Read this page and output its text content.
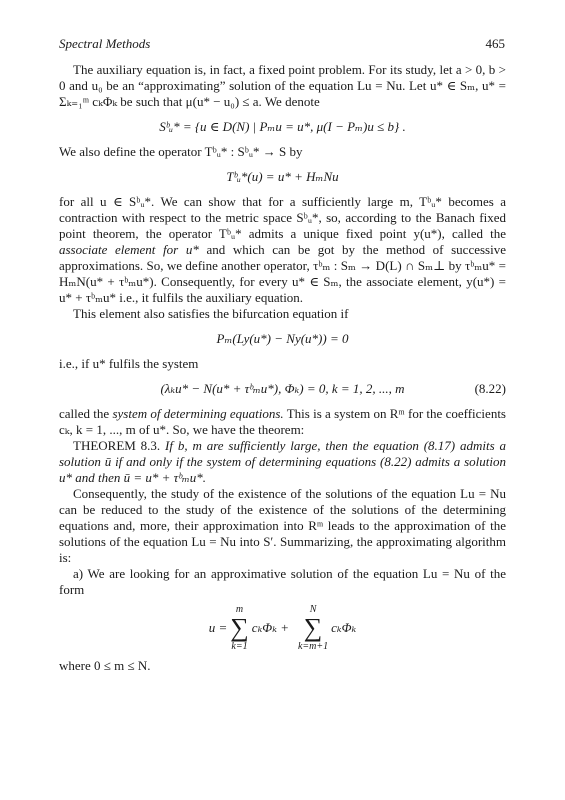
Spectral Methods	465

The auxiliary equation is, in fact, a fixed point problem. For its study, let a > 0, b > 0 and u₀ be an “approximating” solution of the equation Lu = Nu. Let u* ∈ Sₘ, u* = Σₖ₌₁ᵐ cₖΦₖ be such that μ(u* − u₀) ≤ a. We denote

Sᵇᵤ* = {u ∈ D(N) | Pₘu = u*, μ(I − Pₘ)u ≤ b} .

We also define the operator Tᵇᵤ* : Sᵇᵤ* → S by

Tᵇᵤ*(u) = u* + HₘNu

for all u ∈ Sᵇᵤ*. We can show that for a sufficiently large m, Tᵇᵤ* becomes a contraction with respect to the metric space Sᵇᵤ*, so, according to the Banach fixed point theorem, the operator Tᵇᵤ* admits a unique fixed point y(u*), called the associate element for u* and which can be got by the method of successive approximations. So, we define another operator, τᵇₘ : Sₘ → D(L) ∩ Sₘ⊥ by τᵇₘu* = HₘN(u* + τᵇₘu*). Consequently, for every u* ∈ Sₘ, the associate element, y(u*) = u* + τᵇₘu* i.e., it fulfils the auxiliary equation.

This element also satisfies the bifurcation equation if

Pₘ(Ly(u*) − Ny(u*)) = 0

i.e., if u* fulfils the system

(λₖu* − N(u* + τᵇₘu*), Φₖ) = 0, k = 1, 2, ..., m	(8.22)

called the system of determining equations. This is a system on Rᵐ for the coefficients cₖ, k = 1, ..., m of u*. So, we have the theorem:

THEOREM 8.3. If b, m are sufficiently large, then the equation (8.17) admits a solution ū if and only if the system of determining equations (8.22) admits a solution u* and then ū = u* + τᵇₘu*.

Consequently, the study of the existence of the solutions of the equation Lu = Nu can be reduced to the study of the existence of the solutions of the determining equations and, more, their approximation into Rᵐ leads to the approximation of the solutions of the equation Lu = Nu into S′. Summarizing, the approximating algorithm is:

a) We are looking for an approximative solution of the equation Lu = Nu of the form

u =
m
∑
k=1
cₖΦₖ +
N
∑
k=m+1
cₖΦₖ

where 0 ≤ m ≤ N.
